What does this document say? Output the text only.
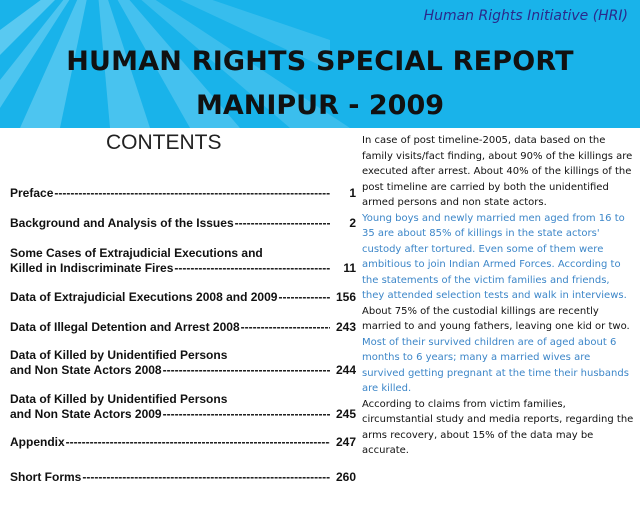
Human Rights Initiative (HRI)
HUMAN RIGHTS SPECIAL REPORT
MANIPUR - 2009
CONTENTS
Preface -----	1
Background and Analysis of the Issues -----	2
Some Cases of Extrajudicial Executions and
Killed in Indiscriminate Fires -----	11
Data of Extrajudicial Executions 2008 and 2009 -----	156
Data of Illegal Detention and Arrest 2008 -----	243
Data of Killed by Unidentified Persons
and Non State Actors 2008 -----	244
Data of Killed by Unidentified Persons
and Non State Actors 2009 -----	245
Appendix -----	247
Short Forms -----	260

In case of post timeline-2005, data based on the family visits/fact finding, about 90% of the killings are executed after arrest. About 40% of the killings of the post timeline are carried by both the unidentified armed persons and non state actors.

Young boys and newly married men aged from 16 to 35 are about 85% of killings in the state actors' custody after tortured. Even some of them were ambitious to join Indian Armed Forces. According to the statements of the victim families and friends, they attended selection tests and walk in interviews.

About 75% of the custodial killings are recently married to and young fathers, leaving one kid or two.

Most of their survived children are of aged about 6 months to 6 years; many a married wives are survived getting pregnant at the time their husbands are killed.

According to claims from victim families, circumstantial study and media reports, regarding the arms recovery, about 15% of the data may be accurate.
